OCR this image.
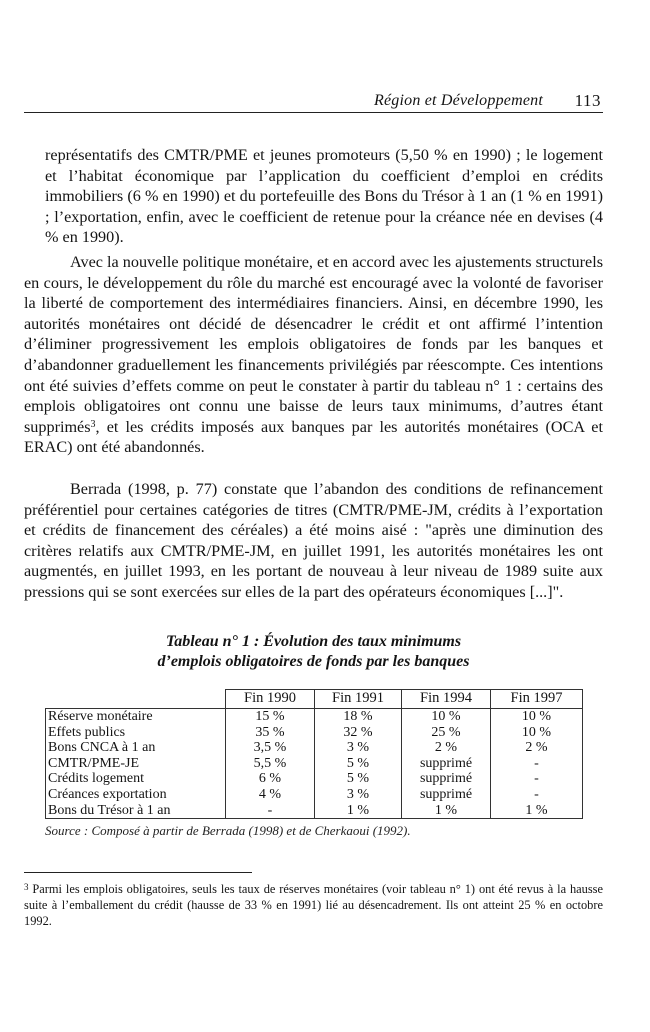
Région et Développement 113

représentatifs des CMTR/PME et jeunes promoteurs (5,50 % en 1990) ; le logement et l’habitat économique par l’application du coefficient d’emploi en crédits immobiliers (6 % en 1990) et du portefeuille des Bons du Trésor à 1 an (1 % en 1991) ; l’exportation, enfin, avec le coefficient de retenue pour la créance née en devises (4 % en 1990).

Avec la nouvelle politique monétaire, et en accord avec les ajustements structurels en cours, le développement du rôle du marché est encouragé avec la volonté de favoriser la liberté de comportement des intermédiaires financiers. Ainsi, en décembre 1990, les autorités monétaires ont décidé de désencadrer le crédit et ont affirmé l’intention d’éliminer progressivement les emplois obligatoires de fonds par les banques et d’abandonner graduellement les financements privilégiés par réescompte. Ces intentions ont été suivies d’effets comme on peut le constater à partir du tableau n° 1 : certains des emplois obligatoires ont connu une baisse de leurs taux minimums, d’autres étant supprimés$^3$, et les crédits imposés aux banques par les autorités monétaires (OCA et ERAC) ont été abandonnés.

Berrada (1998, p. 77) constate que l’abandon des conditions de refinancement préférentiel pour certaines catégories de titres (CMTR/PME-JM, crédits à l’exportation et crédits de financement des céréales) a été moins aisé : "après une diminution des critères relatifs aux CMTR/PME-JM, en juillet 1991, les autorités monétaires les ont augmentés, en juillet 1993, en les portant de nouveau à leur niveau de 1989 suite aux pressions qui se sont exercées sur elles de la part des opérateurs économiques [...]".

Tableau n° 1 : Évolution des taux minimums
d’emplois obligatoires de fonds par les banques
	Fin 1990	Fin 1991	Fin 1994	Fin 1997
Réserve monétaire	15 %	18 %	10 %	10 %
Effets publics	35 %	32 %	25 %	10 %
Bons CNCA à 1 an	3,5 %	3 %	2 %	2 %
CMTR/PME-JE	5,5 %	5 %	supprimé	-
Crédits logement	6 %	5 %	supprimé	-
Créances exportation	4 %	3 %	supprimé	-
Bons du Trésor à 1 an	-	1 %	1 %	1 %
Source : Composé à partir de Berrada (1998) et de Cherkaoui (1992).

$^3$ Parmi les emplois obligatoires, seuls les taux de réserves monétaires (voir tableau n° 1) ont été revus à la hausse suite à l’emballement du crédit (hausse de 33 % en 1991) lié au désencadrement. Ils ont atteint 25 % en octobre 1992.
